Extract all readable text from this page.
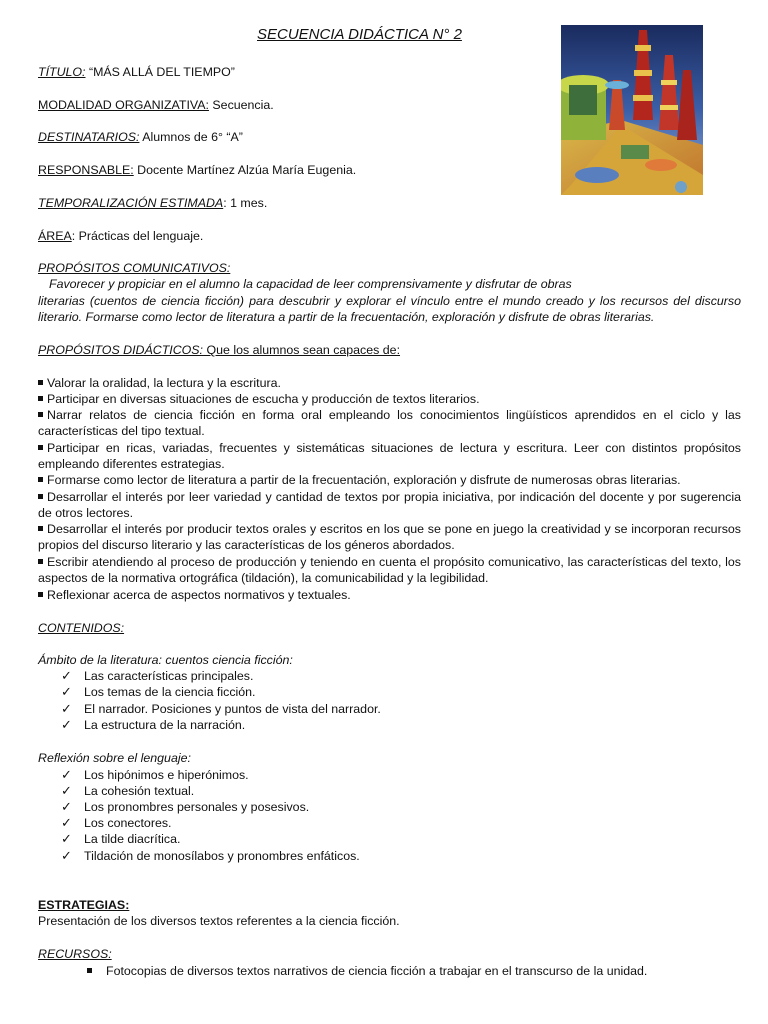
SECUENCIA DIDÁCTICA N° 2
TÍTULO: “MÁS ALLÁ DEL TIEMPO”
MODALIDAD ORGANIZATIVA: Secuencia.
DESTINATARIOS: Alumnos de 6° “A”
RESPONSABLE: Docente Martínez Alzúa María Eugenia.
TEMPORALIZACIÓN ESTIMADA: 1 mes.
ÁREA: Prácticas del lenguaje.
PROPÓSITOS COMUNICATIVOS:
Favorecer y propiciar en el alumno la capacidad de leer comprensivamente y disfrutar de obras
literarias (cuentos de ciencia ficción) para descubrir y explorar el vínculo entre el mundo creado y los recursos del discurso literario. Formarse como lector de literatura a partir de la frecuentación, exploración y disfrute de obras literarias.
PROPÓSITOS DIDÁCTICOS: Que los alumnos sean capaces de:
Valorar la oralidad, la lectura y la escritura.
Participar en diversas situaciones de escucha y producción de textos literarios.
Narrar relatos de ciencia ficción en forma oral empleando los conocimientos lingüísticos aprendidos en el ciclo y las características del tipo textual.
Participar en ricas, variadas, frecuentes y sistemáticas situaciones de lectura y escritura. Leer con distintos propósitos empleando diferentes estrategias.
Formarse como lector de literatura a partir de la frecuentación, exploración y disfrute de numerosas obras literarias.
Desarrollar el interés por leer variedad y cantidad de textos por propia iniciativa, por indicación del docente y por sugerencia de otros lectores.
Desarrollar el interés por producir textos orales y escritos en los que se pone en juego la creatividad y se incorporan recursos propios del discurso literario y las características de los géneros abordados.
Escribir atendiendo al proceso de producción y teniendo en cuenta el propósito comunicativo, las características del texto, los aspectos de la normativa ortográfica (tildación), la comunicabilidad y la legibilidad.
Reflexionar acerca de aspectos normativos y textuales.
CONTENIDOS:
Ámbito de la literatura: cuentos ciencia ficción:
✓ Las características principales.
✓ Los temas de la ciencia ficción.
✓ El narrador. Posiciones y puntos de vista del narrador.
✓ La estructura de la narración.
Reflexión sobre el lenguaje:
✓ Los hipónimos e hiperónimos.
✓ La cohesión textual.
✓ Los pronombres personales y posesivos.
✓ Los conectores.
✓ La tilde diacrítica.
✓ Tildación de monosílabos y pronombres enfáticos.
ESTRATEGIAS:
Presentación de los diversos textos referentes a la ciencia ficción.
RECURSOS:
Fotocopias de diversos textos narrativos de ciencia ficción a trabajar en el transcurso de la unidad.
